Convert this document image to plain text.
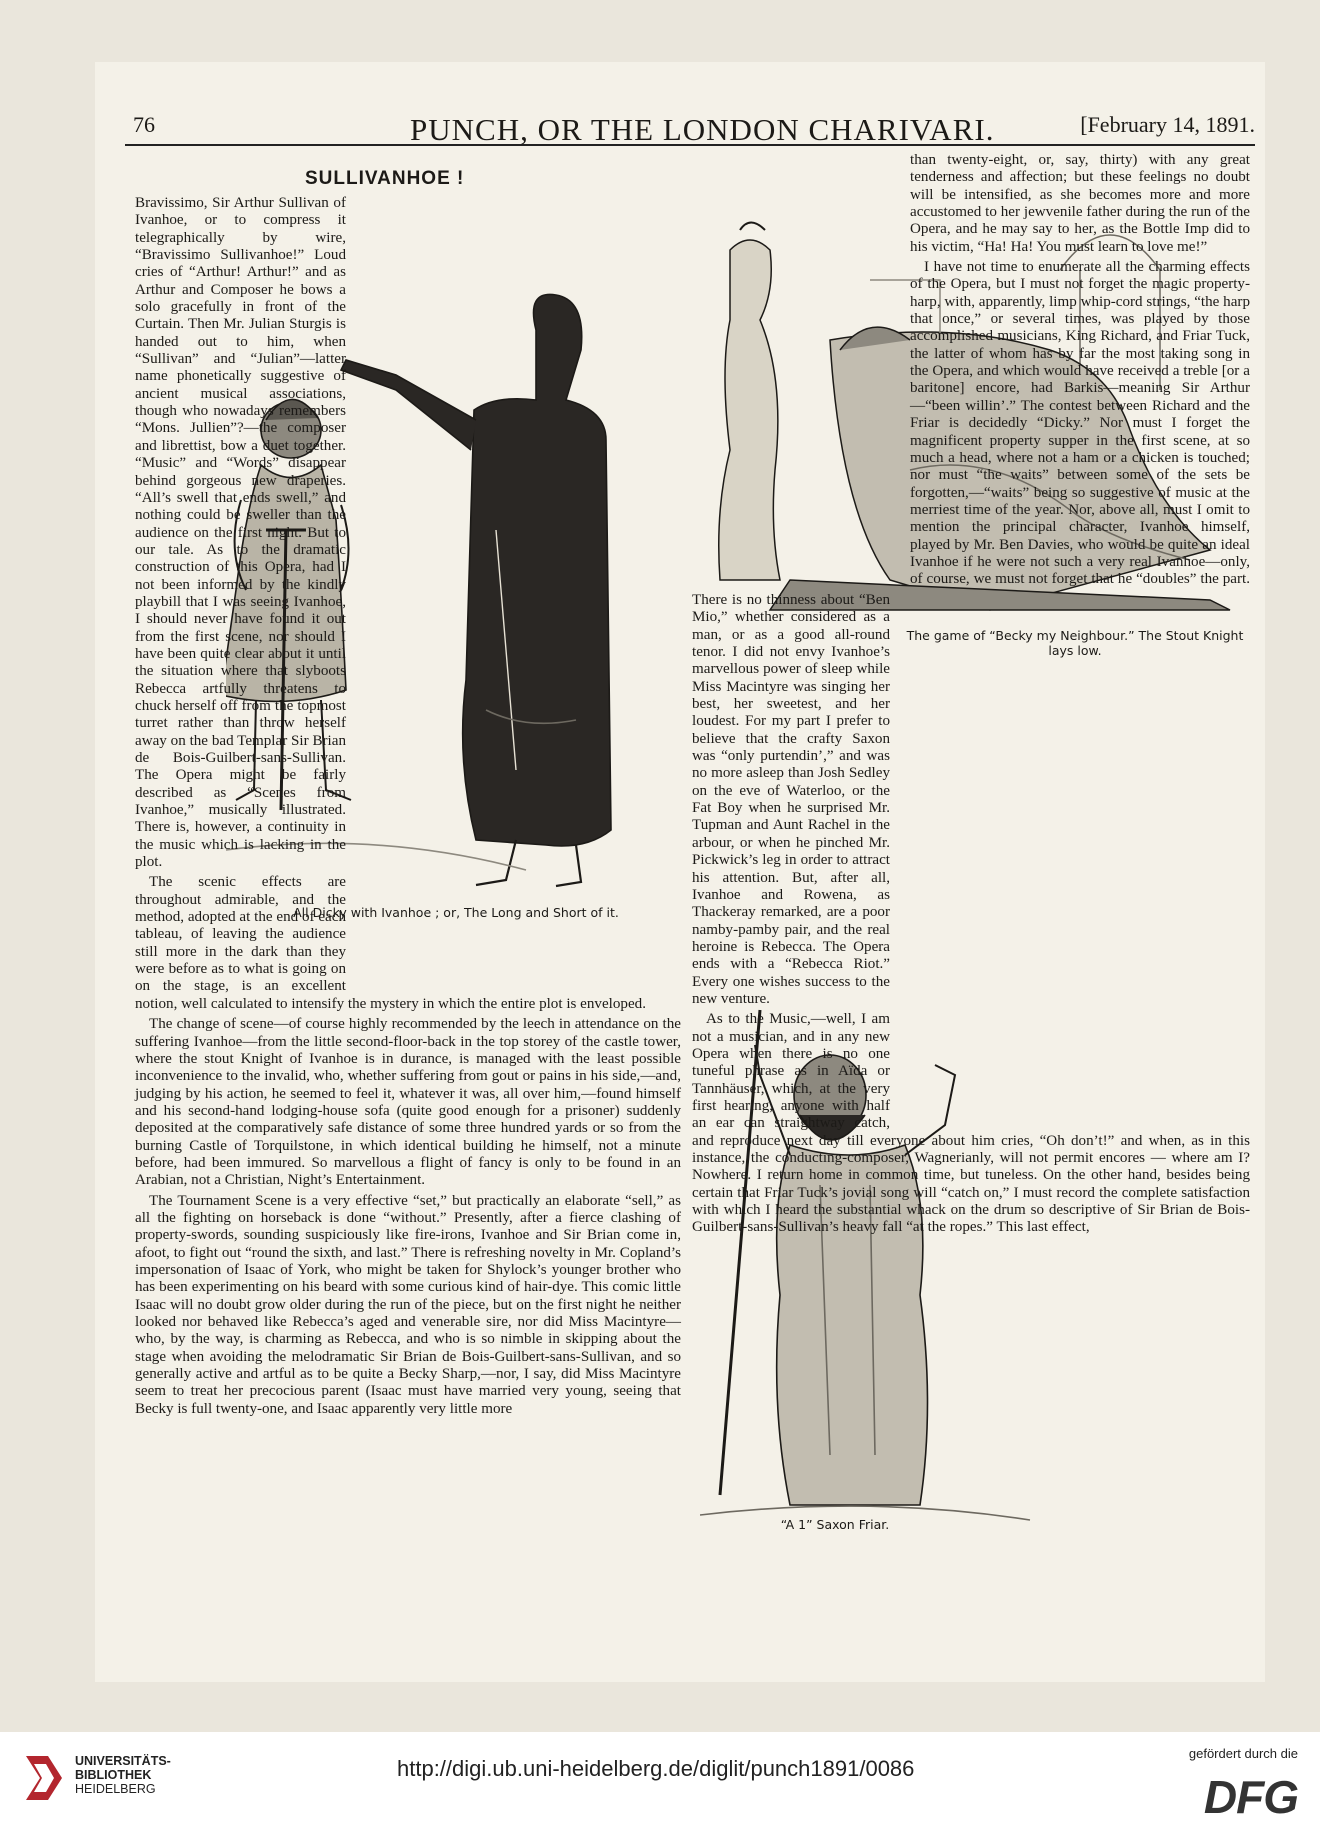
76	PUNCH, OR THE LONDON CHARIVARI.	[February 14, 1891.
SULLIVANHOE !
All Dicky with Ivanhoe ; or, The Long and Short of it.
The game of “Becky my Neighbour.” The Stout Knight lays low.
“A 1” Saxon Friar.

Bravissimo, Sir Arthur Sullivan of Ivanhoe, or to compress it telegraphically by wire, “Bravissimo Sullivanhoe!” Loud cries of “Arthur! Arthur!” and as Arthur and Composer he bows a solo gracefully in front of the Curtain. Then Mr. Julian Sturgis is handed out to him, when “Sullivan” and “Julian”—latter name phonetically suggestive of ancient musical associations, though who nowadays remembers “Mons. Jullien”?—the composer and librettist, bow a duet together. “Music” and “Words” disappear behind gorgeous new draperies. “All’s swell that ends swell,” and nothing could be sweller than the audience on the first night. But to our tale. As to the dramatic construction of this Opera, had I not been informed by the kindly playbill that I was seeing Ivanhoe, I should never have found it out from the first scene, nor should I have been quite clear about it until the situation where that slyboots Rebecca artfully threatens to chuck herself off from the topmost turret rather than throw herself away on the bad Templar Sir Brian de Bois-Guilbert-sans-Sullivan. The Opera might be fairly described as “Scenes from Ivanhoe,” musically illustrated. There is, however, a continuity in the music which is lacking in the plot.

The scenic effects are throughout admirable, and the method, adopted at the end of each tableau, of leaving the audience still more in the dark than they were before as to what is going on on the stage, is an excellent notion, well calculated to intensify the mystery in which the entire plot is enveloped.

The change of scene—of course highly recommended by the leech in attendance on the suffering Ivanhoe—from the little second-floor-back in the top storey of the castle tower, where the stout Knight of Ivanhoe is in durance, is managed with the least possible inconvenience to the invalid, who, whether suffering from gout or pains in his side,—and, judging by his action, he seemed to feel it, whatever it was, all over him,—found himself and his second-hand lodging-house sofa (quite good enough for a prisoner) suddenly deposited at the comparatively safe distance of some three hundred yards or so from the burning Castle of Torquilstone, in which identical building he himself, not a minute before, had been immured. So marvellous a flight of fancy is only to be found in an Arabian, not a Christian, Night’s Entertainment.

The Tournament Scene is a very effective “set,” but practically an elaborate “sell,” as all the fighting on horseback is done “without.” Presently, after a fierce clashing of property-swords, sounding suspiciously like fire-irons, Ivanhoe and Sir Brian come in, afoot, to fight out “round the sixth, and last.” There is refreshing novelty in Mr. Copland’s impersonation of Isaac of York, who might be taken for Shylock’s younger brother who has been experimenting on his beard with some curious kind of hair-dye. This comic little Isaac will no doubt grow older during the run of the piece, but on the first night he neither looked nor behaved like Rebecca’s aged and venerable sire, nor did Miss Macintyre—who, by the way, is charming as Rebecca, and who is so nimble in skipping about the stage when avoiding the melodramatic Sir Brian de Bois-Guilbert-sans-Sullivan, and so generally active and artful as to be quite a Becky Sharp,—nor, I say, did Miss Macintyre seem to treat her precocious parent (Isaac must have married very young, seeing that Becky is full twenty-one, and Isaac apparently very little more

than twenty-eight, or, say, thirty) with any great tenderness and affection; but these feelings no doubt will be intensified, as she becomes more and more accustomed to her jewvenile father during the run of the Opera, and he may say to her, as the Bottle Imp did to his victim, “Ha! Ha! You must learn to love me!”

I have not time to enumerate all the charming effects of the Opera, but I must not forget the magic property-harp, with, apparently, limp whip-cord strings, “the harp that once,” or several times, was played by those accomplished musicians, King Richard, and Friar Tuck, the latter of whom has by far the most taking song in the Opera, and which would have received a treble [or a baritone] encore, had Barkis—meaning Sir Arthur—“been willin’.” The contest between Richard and the Friar is decidedly “Dicky.” Nor must I forget the magnificent property supper in the first scene, at so much a head, where not a ham or a chicken is touched; nor must “the waits” between some of the sets be forgotten,—“waits” being so suggestive of music at the merriest time of the year. Nor, above all, must I omit to mention the principal character, Ivanhoe himself, played by Mr. Ben Davies, who would be quite an ideal Ivanhoe if he were not such a very real Ivanhoe—only, of course, we must not forget that he “doubles” the part. There is no thinness about “Ben Mio,” whether considered as a man, or as a good all-round tenor. I did not envy Ivanhoe’s marvellous power of sleep while Miss Macintyre was singing her best, her sweetest, and her loudest. For my part I prefer to believe that the crafty Saxon was “only purtendin’,” and was no more asleep than Josh Sedley on the eve of Waterloo, or the Fat Boy when he surprised Mr. Tupman and Aunt Rachel in the arbour, or when he pinched Mr. Pickwick’s leg in order to attract his attention. But, after all, Ivanhoe and Rowena, as Thackeray remarked, are a poor namby-pamby pair, and the real heroine is Rebecca. The Opera ends with a “Rebecca Riot.” Every one wishes success to the new venture.

As to the Music,—well, I am not a musician, and in any new Opera when there is no one tuneful phrase as in Aïda or Tannhäuser, which, at the very first hearing, anyone with half an ear can straightway catch, and reproduce next day till everyone about him cries, “Oh don’t!” and when, as in this instance, the conducting-composer, Wagnerianly, will not permit encores — where am I? Nowhere. I return home in common time, but tuneless. On the other hand, besides being certain that Friar Tuck’s jovial song will “catch on,” I must record the complete satisfaction with which I heard the substantial whack on the drum so descriptive of Sir Brian de Bois-Guilbert-sans-Sullivan’s heavy fall “at the ropes.” This last effect,

UNIVERSITÄTS-
BIBLIOTHEK
HEIDELBERG
http://digi.ub.uni-heidelberg.de/diglit/punch1891/0086
gefördert durch die
DFG
